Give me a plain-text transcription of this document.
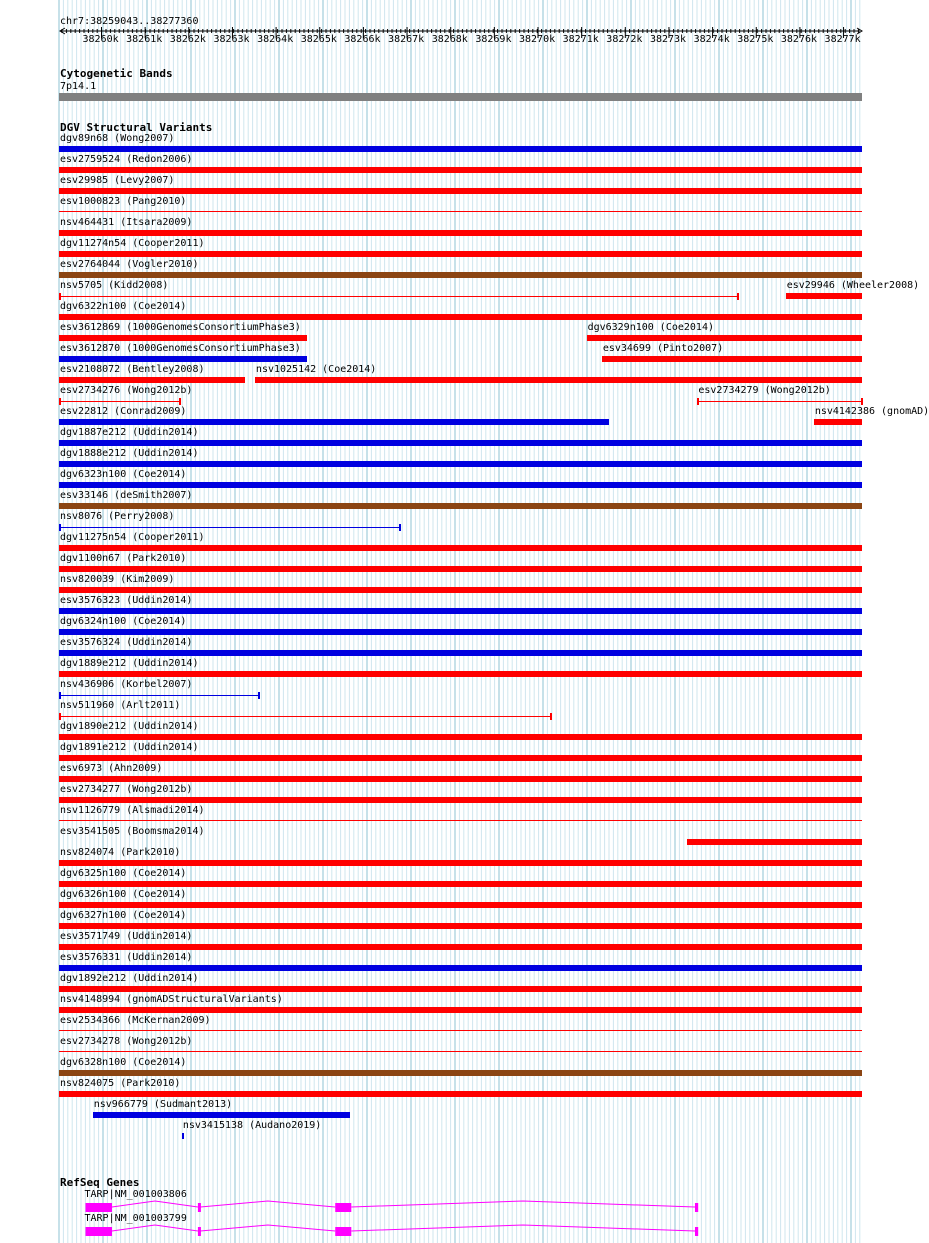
chr7:38259043..38277360
38260k 38261k 38262k 38263k 38264k 38265k 38266k 38267k 38268k 38269k 38270k 38271k 38272k 38273k 38274k 38275k 38276k 38277k
Cytogenetic Bands
7p14.1
DGV Structural Variants
dgv89n68 (Wong2007)
esv2759524 (Redon2006)
esv29985 (Levy2007)
esv1000823 (Pang2010)
nsv464431 (Itsara2009)
dgv11274n54 (Cooper2011)
esv2764044 (Vogler2010)
nsv5705 (Kidd2008)	esv29946 (Wheeler2008)
dgv6322n100 (Coe2014)
esv3612869 (1000GenomesConsortiumPhase3)	dgv6329n100 (Coe2014)
esv3612870 (1000GenomesConsortiumPhase3)	esv34699 (Pinto2007)
esv2108072 (Bentley2008)	nsv1025142 (Coe2014)
esv2734276 (Wong2012b)	esv2734279 (Wong2012b)
esv22812 (Conrad2009)	nsv4142386 (gnomAD)
dgv1887e212 (Uddin2014)
dgv1888e212 (Uddin2014)
dgv6323n100 (Coe2014)
esv33146 (deSmith2007)
nsv8076 (Perry2008)
dgv11275n54 (Cooper2011)
dgv1100n67 (Park2010)
nsv820039 (Kim2009)
esv3576323 (Uddin2014)
dgv6324n100 (Coe2014)
esv3576324 (Uddin2014)
dgv1889e212 (Uddin2014)
nsv436906 (Korbel2007)
nsv511960 (Arlt2011)
dgv1890e212 (Uddin2014)
dgv1891e212 (Uddin2014)
esv6973 (Ahn2009)
esv2734277 (Wong2012b)
nsv1126779 (Alsmadi2014)
esv3541505 (Boomsma2014)
nsv824074 (Park2010)
dgv6325n100 (Coe2014)
dgv6326n100 (Coe2014)
dgv6327n100 (Coe2014)
esv3571749 (Uddin2014)
esv3576331 (Uddin2014)
dgv1892e212 (Uddin2014)
nsv4148994 (gnomADStructuralVariants)
esv2534366 (McKernan2009)
esv2734278 (Wong2012b)
dgv6328n100 (Coe2014)
nsv824075 (Park2010)
nsv966779 (Sudmant2013)
nsv3415138 (Audano2019)
RefSeq Genes
TARP|NM_001003806
TARP|NM_001003799
